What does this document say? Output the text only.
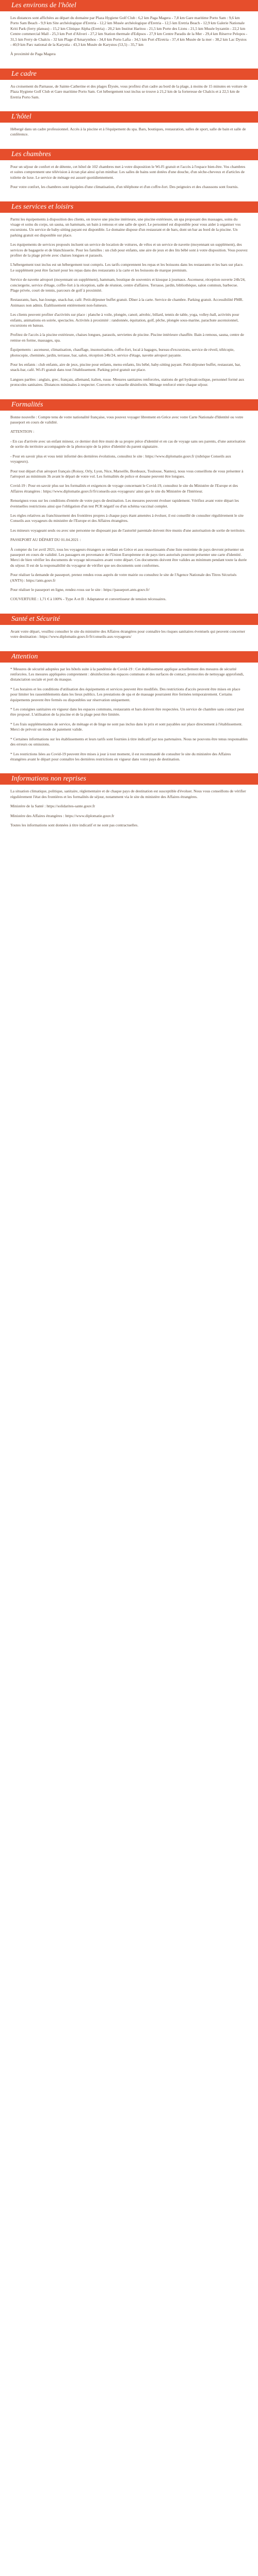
Les environs de l'hôtel

Les distances sont affichées au départ du domaine par Plaza Hygiene Golf Club : 6,2 km Paga Magera - 7,8 km Gare maritime Porto Sam : 9,6 km Porto Sam Beach - 9,9 km Site archéologique d'Eretria - 12,2 km Musée archéologique d'Eretria - 12,5 km Eretria Beach - 12,9 km Galerie Nationale Kriti Park (ferry plateau) - 15,2 km Clinique Alpha (Eretria) - 20,2 km Institut Haritou - 21,5 km Porte des Lions - 21,5 km Musée byzantin - 22,2 km Centre commercial Mall - 25,3 km Port d'Aliveri - 27,2 km Station thermale d'Edipsos - 27,9 km Centre Paradis de la Mer - 29,4 km Réserve Pelopos - 31,5 km Ferry de Chalcis - 32 km Plage d'Amarynthos - 34,0 km Porto Lafia - 34,5 km Port d'Eretria - 37,4 km Musée de la mer - 38,2 km Lac Dystos - 40,9 km Parc national de la Karystia - 43,3 km Musée de Karystos (53,5) - 35,7 km

À proximité de Paga Magera

Le cadre

Au croisement du Parnasse, de Sainte-Catherine et des plages Élysée, vous profitez d'un cadre au bord de la plage, à moins de 15 minutes en voiture de Plaza Hygiene Golf Club et Gare maritime Porto Sam. Cet hébergement tout inclus se trouve à 21,2 km de la forteresse de Chalcis et à 22,5 km de Eretria Porto Sam.

L'hôtel

Hébergé dans un cadre professionnel. Accès à la piscine et à l'équipement du spa. Bars, boutiques, restauration, salles de sport, salle de bain et salle de conférence.

Les chambres

Pour un séjour de confort et de détente, cet hôtel de 102 chambres met à votre disposition le Wi-Fi gratuit et l'accès à l'espace bien-être. Vos chambres et suites comprennent une télévision à écran plat ainsi qu'un minibar. Les salles de bains sont dotées d'une douche, d'un sèche-cheveux et d'articles de toilette de luxe. Le service de ménage est assuré quotidiennement.

Pour votre confort, les chambres sont équipées d'une climatisation, d'un téléphone et d'un coffre-fort. Des peignoirs et des chaussons sont fournis.

Les services et loisirs

Parmi les équipements à disposition des clients, on trouve une piscine intérieure, une piscine extérieure, un spa proposant des massages, soins du visage et soins du corps, un sauna, un hammam, un bain à remous et une salle de sport. Le personnel est disponible pour vous aider à organiser vos excursions. Un service de baby-sitting payant est disponible. Le domaine dispose d'un restaurant et de bars, dont un bar au bord de la piscine. Un parking gratuit est disponible sur place.

Les équipements de services proposés incluent un service de location de voitures, de vélos et un service de navette (moyennant un supplément), des services de bagagerie et de blanchisserie. Pour les familles : un club pour enfants, une aire de jeux et des lits bébé sont à votre disposition. Vous pouvez profiter de la plage privée avec chaises longues et parasols.

L'hébergement tout inclus est un hébergement tout compris. Les tarifs comprennent les repas et les boissons dans les restaurants et les bars sur place. Le supplément peut être facturé pour les repas dans des restaurants à la carte et les boissons de marque premium.

Service de navette aéroport (moyennant un supplément), hammam, boutique de souvenirs et kiosque à journaux. Ascenseur, réception ouverte 24h/24, conciergerie, service d'étage, coffre-fort à la réception, salle de réunion, centre d'affaires. Terrasse, jardin, bibliothèque, salon commun, barbecue. Plage privée, court de tennis, parcours de golf à proximité.

Restaurants, bars, bar-lounge, snack-bar, café. Petit-déjeuner buffet gratuit. Dîner à la carte. Service de chambre. Parking gratuit. Accessibilité PMR. Animaux non admis. Établissement entièrement non-fumeurs.

Les clients peuvent profiter d'activités sur place : planche à voile, plongée, canoë, aérobic, billard, tennis de table, yoga, volley-ball, activités pour enfants, animations en soirée, spectacles. Activités à proximité : randonnée, équitation, golf, pêche, plongée sous-marine, parachute ascensionnel, excursions en bateau.

Profitez de l'accès à la piscine extérieure, chaises longues, parasols, serviettes de piscine. Piscine intérieure chauffée. Bain à remous, sauna, centre de remise en forme, massages, spa.

Équipements : ascenseur, climatisation, chauffage, insonorisation, coffre-fort, local à bagages, bureau d'excursions, service de réveil, télécopie, photocopie, cheminée, jardin, terrasse, bar, salon, réception 24h/24, service d'étage, navette aéroport payante.

Pour les enfants : club enfants, aire de jeux, piscine pour enfants, menu enfants, lits bébé, baby-sitting payant. Petit-déjeuner buffet, restaurant, bar, snack-bar, café. Wi-Fi gratuit dans tout l'établissement. Parking privé gratuit sur place.

Langues parlées : anglais, grec, français, allemand, italien, russe. Mesures sanitaires renforcées, stations de gel hydroalcoolique, personnel formé aux protocoles sanitaires. Distances minimales à respecter. Couverts et vaisselle désinfectés. Ménage renforcé entre chaque séjour.

Formalités

Bonne nouvelle : Compte tenu de votre nationalité française, vous pouvez voyager librement en Grèce avec votre Carte Nationale d'Identité ou votre passeport en cours de validité.

ATTENTION :

- En cas d'arrivée avec un enfant mineur, ce dernier doit être muni de sa propre pièce d'identité et en cas de voyage sans ses parents, d'une autorisation de sortie du territoire accompagnée de la photocopie de la pièce d'identité du parent signataire.

- Pour en savoir plus et vous tenir informé des dernières évolutions, consultez le site : https://www.diplomatie.gouv.fr (rubrique Conseils aux voyageurs).

Pour tout départ d'un aéroport français (Roissy, Orly, Lyon, Nice, Marseille, Bordeaux, Toulouse, Nantes), nous vous conseillons de vous présenter à l'aéroport au minimum 3h avant le départ de votre vol. Les formalités de police et douane peuvent être longues.

Covid-19 : Pour en savoir plus sur les formalités et exigences de voyage concernant le Covid-19, consultez le site du Ministère de l'Europe et des Affaires étrangères : https://www.diplomatie.gouv.fr/fr/conseils-aux-voyageurs/ ainsi que le site du Ministère de l'Intérieur.

Renseignez-vous sur les conditions d'entrée de votre pays de destination. Les mesures peuvent évoluer rapidement. Vérifiez avant votre départ les éventuelles restrictions ainsi que l'obligation d'un test PCR négatif ou d'un schéma vaccinal complet.

Les règles relatives au franchissement des frontières propres à chaque pays étant amenées à évoluer, il est conseillé de consulter régulièrement le site Conseils aux voyageurs du ministère de l'Europe et des Affaires étrangères.

Les mineurs voyageant seuls ou avec une personne ne disposant pas de l'autorité parentale doivent être munis d'une autorisation de sortie de territoire.

PASSEPORT AU DÉPART DU 01.04.2021 :

À compter du 1er avril 2021, tous les voyageurs étrangers se rendant en Grèce et aux ressortissants d'une liste restreinte de pays devront présenter un passeport en cours de validité. Les passagers en provenance de l'Union Européenne et de pays tiers autorisés pourront présenter une carte d'identité. Merci de bien vérifier les documents de voyage nécessaires avant votre départ. Ces documents doivent être valides au minimum pendant toute la durée du séjour. Il est de la responsabilité du voyageur de vérifier que ses documents sont conformes.

Pour réaliser la demande de passeport, prenez rendez-vous auprès de votre mairie ou consultez le site de l'Agence Nationale des Titres Sécurisés (ANTS) : https://ants.gouv.fr

Pour réaliser le passeport en ligne, rendez-vous sur le site : https://passeport.ants.gouv.fr/

COUVERTURE : 1,71 € à 100% - Type A et B : Adaptateur et convertisseur de tension nécessaires.

Santé et Sécurité

Avant votre départ, veuillez consulter le site du ministère des Affaires étrangères pour connaître les risques sanitaires éventuels qui peuvent concerner votre destination : https://www.diplomatie.gouv.fr/fr/conseils-aux-voyageurs/

Attention

* Mesures de sécurité adoptées par les hôtels suite à la pandémie de Covid-19 : Cet établissement applique actuellement des mesures de sécurité renforcées. Les mesures appliquées comprennent : désinfection des espaces communs et des surfaces de contact, protocoles de nettoyage approfondi, distanciation sociale et port du masque.

* Les horaires et les conditions d'utilisation des équipements et services peuvent être modifiés. Des restrictions d'accès peuvent être mises en place pour limiter les rassemblements dans les lieux publics. Les prestations de spa et de massage pourraient être fermées temporairement. Certains équipements peuvent être fermés ou disponibles sur réservation uniquement.

* Les consignes sanitaires en vigueur dans les espaces communs, restaurants et bars doivent être respectées. Un service de chambre sans contact peut être proposé. L'utilisation de la piscine et de la plage peut être limitée.

* Les frais supplémentaires de service, de ménage et de linge ne sont pas inclus dans le prix et sont payables sur place directement à l'établissement. Merci de prévoir un mode de paiement valide.

* Certaines informations sur les établissements et leurs tarifs sont fournies à titre indicatif par nos partenaires. Nous ne pouvons être tenus responsables des erreurs ou omissions.

* Les restrictions liées au Covid-19 peuvent être mises à jour à tout moment, il est recommandé de consulter le site du ministère des Affaires étrangères avant le départ pour connaître les dernières restrictions en vigueur dans votre pays de destination.

Informations non reprises

La situation climatique, politique, sanitaire, réglementaire et de chaque pays de destination est susceptible d'évoluer. Nous vous conseillons de vérifier régulièrement l'état des frontières et les formalités de séjour, notamment via le site du ministère des Affaires étrangères.

Ministère de la Santé : https://solidarites-sante.gouv.fr

Ministère des Affaires étrangères : https://www.diplomatie.gouv.fr

Toutes les informations sont données à titre indicatif et ne sont pas contractuelles.
